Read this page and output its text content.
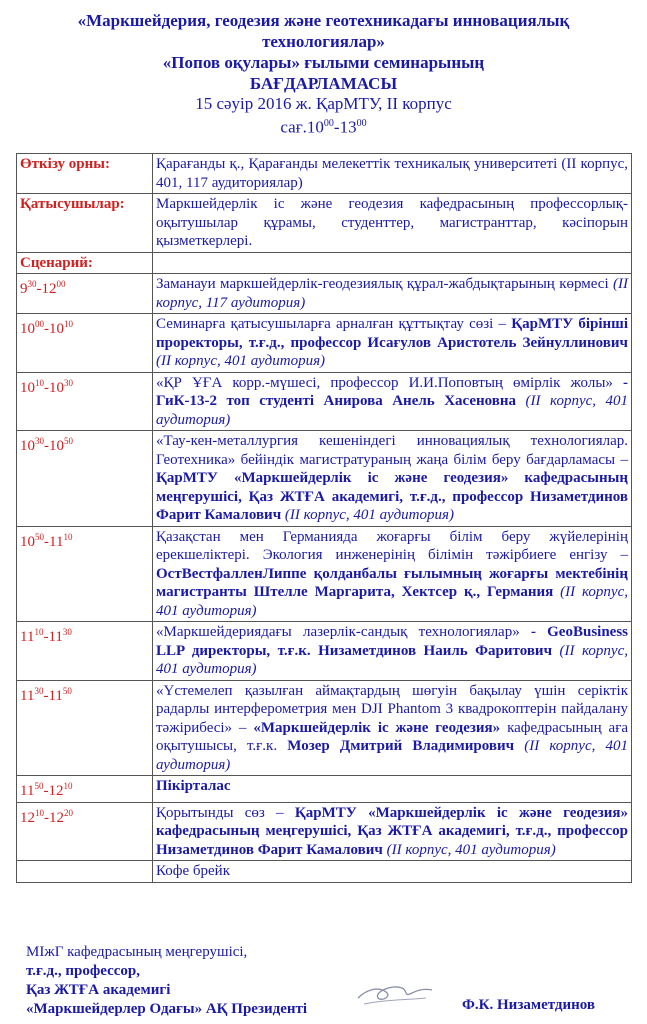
«Маркшейдерия, геодезия және геотехникадағы инновациялық
технологиялар»
«Попов оқулары» ғылыми семинарының
БАҒДАРЛАМАСЫ
15 сәуір 2016 ж. ҚарМТУ, ІІ корпус
$сағ.10^{00}-13^{00}$
Өткізу орны:	Қарағанды қ., Қарағанды мелекеттік техникалық университеті (ІІ корпус, 401, 117 аудиториялар)
Қатысушылар:	Маркшейдерлік іс және геодезия кафедрасының профессорлық-оқытушылар құрамы, студенттер, магистранттар, кәсіпорын қызметкерлері.
Сценарий:	
$9^{30}-12^{00}$	Заманауи маркшейдерлік-геодезиялық құрал-жабдықтарының көрмесі (ІІ корпус, 117 аудитория)
$10^{00}-10^{10}$	Семинарға қатысушыларға арналған құттықтау сөзі – ҚарМТУ бірінші проректоры, т.ғ.д., профессор Исағулов Аристотель Зейнуллинович (ІІ корпус, 401 аудитория)
$10^{10}-10^{30}$	«ҚР ҰҒА корр.-мүшесі, профессор И.И.Поповтың өмірлік жолы» - ГиК-13-2 топ студенті Анирова Анель Хасеновна (ІІ корпус, 401 аудитория)
$10^{30}-10^{50}$	«Тау-кен-металлургия кешеніндегі инновациялық технологиялар. Геотехника» бейіндік магистратураның жаңа білім беру бағдарламасы – ҚарМТУ «Маркшейдерлік іс және геодезия» кафедрасының меңгерушісі, Қаз ЖТҒА академигі, т.ғ.д., профессор Низаметдинов Фарит Камалович (ІІ корпус, 401 аудитория)
$10^{50}-11^{10}$	Қазақстан мен Германияда жоғарғы білім беру жүйелерінің ерекшеліктері. Экология инженерінің білімін тәжірбиеге енгізу – ОстВестфалленЛиппе қолданбалы ғылымның жоғарғы мектебінің магистранты Штелле Маргарита, Хектсер қ., Германия (ІІ корпус, 401 аудитория)
$11^{10}-11^{30}$	«Маркшейдериядағы лазерлік-сандық технологиялар» - GeoBusiness LLP директоры, т.ғ.к. Низаметдинов Наиль Фаритович (ІІ корпус, 401 аудитория)
$11^{30}-11^{50}$	«Үстемелеп қазылған аймақтардың шөгуін бақылау үшін серіктік радарлы интерферометрия мен DJI Phantom 3 квадрокоптерін пайдалану тәжірибесі» – «Маркшейдерлік іс және геодезия» кафедрасының аға оқытушысы, т.ғ.к. Мозер Дмитрий Владимирович (ІІ корпус, 401 аудитория)
$11^{50}-12^{10}$	Пікірталас
$12^{10}-12^{20}$	Қорытынды сөз – ҚарМТУ «Маркшейдерлік іс және геодезия» кафедрасының меңгерушісі, Қаз ЖТҒА академигі, т.ғ.д., профессор Низаметдинов Фарит Камалович (ІІ корпус, 401 аудитория)
	Кофе брейк
МІжГ кафедрасының меңгерушісі,
т.ғ.д., профессор,
Қаз ЖТҒА академигі
«Маркшейдерлер Одағы» АҚ Президенті	Ф.К. Низаметдинов
